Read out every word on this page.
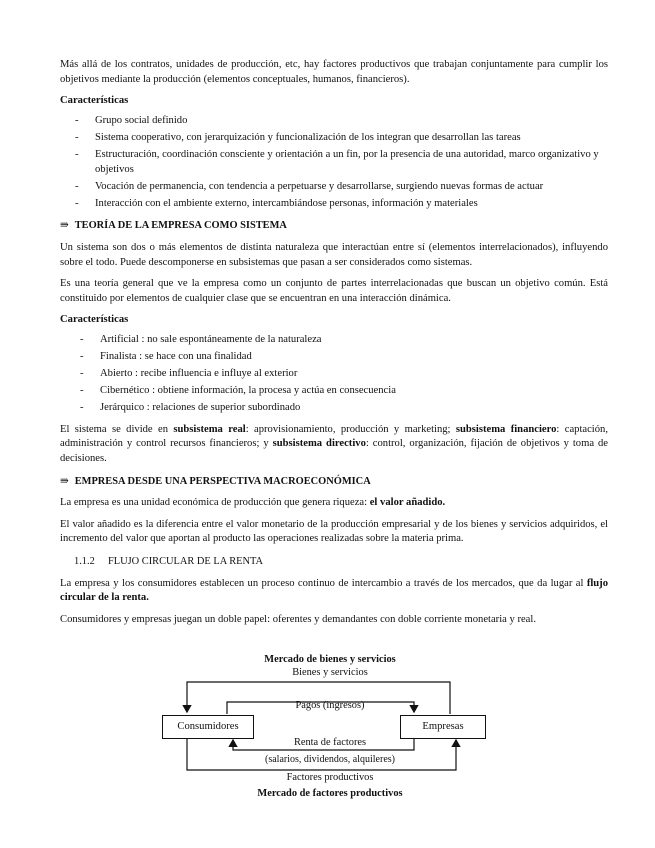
Más allá de los contratos, unidades de producción, etc, hay factores productivos que trabajan conjuntamente para cumplir los objetivos mediante la producción (elementos conceptuales, humanos, financieros).

Características
- Grupo social definido
- Sistema cooperativo, con jerarquización y funcionalización de los integran que desarrollan las tareas
- Estructuración, coordinación consciente y orientación a un fin, por la presencia de una autoridad, marco organizativo y objetivos
- Vocación de permanencia, con tendencia a perpetuarse y desarrollarse, surgiendo nuevas formas de actuar
- Interacción con el ambiente externo, intercambiándose personas, información y materiales
⇛ TEORÍA DE LA EMPRESA COMO SISTEMA

Un sistema son dos o más elementos de distinta naturaleza que interactúan entre sí (elementos interrelacionados), influyendo sobre el todo. Puede descomponerse en subsistemas que pasan a ser considerados como sistemas.

Es una teoría general que ve la empresa como un conjunto de partes interrelacionadas que buscan un objetivo común. Está constituido por elementos de cualquier clase que se encuentran en una interacción dinámica.

Características
- Artificial : no sale espontáneamente de la naturaleza
- Finalista : se hace con una finalidad
- Abierto : recibe influencia e influye al exterior
- Cibernético : obtiene información, la procesa y actúa en consecuencia
- Jerárquico : relaciones de superior subordinado

El sistema se divide en subsistema real: aprovisionamiento, producción y marketing; subsistema financiero: captación, administración y control recursos financieros; y subsistema directivo: control, organización, fijación de objetivos y toma de decisiones.

⇛ EMPRESA DESDE UNA PERSPECTIVA MACROECONÓMICA

La empresa es una unidad económica de producción que genera riqueza: el valor añadido.

El valor añadido es la diferencia entre el valor monetario de la producción empresarial y de los bienes y servicios adquiridos, el incremento del valor que aportan al producto las operaciones realizadas sobre la materia prima.

1.1.2 FLUJO CIRCULAR DE LA RENTA

La empresa y los consumidores establecen un proceso continuo de intercambio a través de los mercados, que da lugar al flujo circular de la renta.

Consumidores y empresas juegan un doble papel: oferentes y demandantes con doble corriente monetaria y real.

Mercado de bienes y servicios
Bienes y servicios
Pagos (ingresos)
Consumidores	Empresas
Renta de factores
(salarios, dividendos, alquileres)
Factores productivos
Mercado de factores productivos
